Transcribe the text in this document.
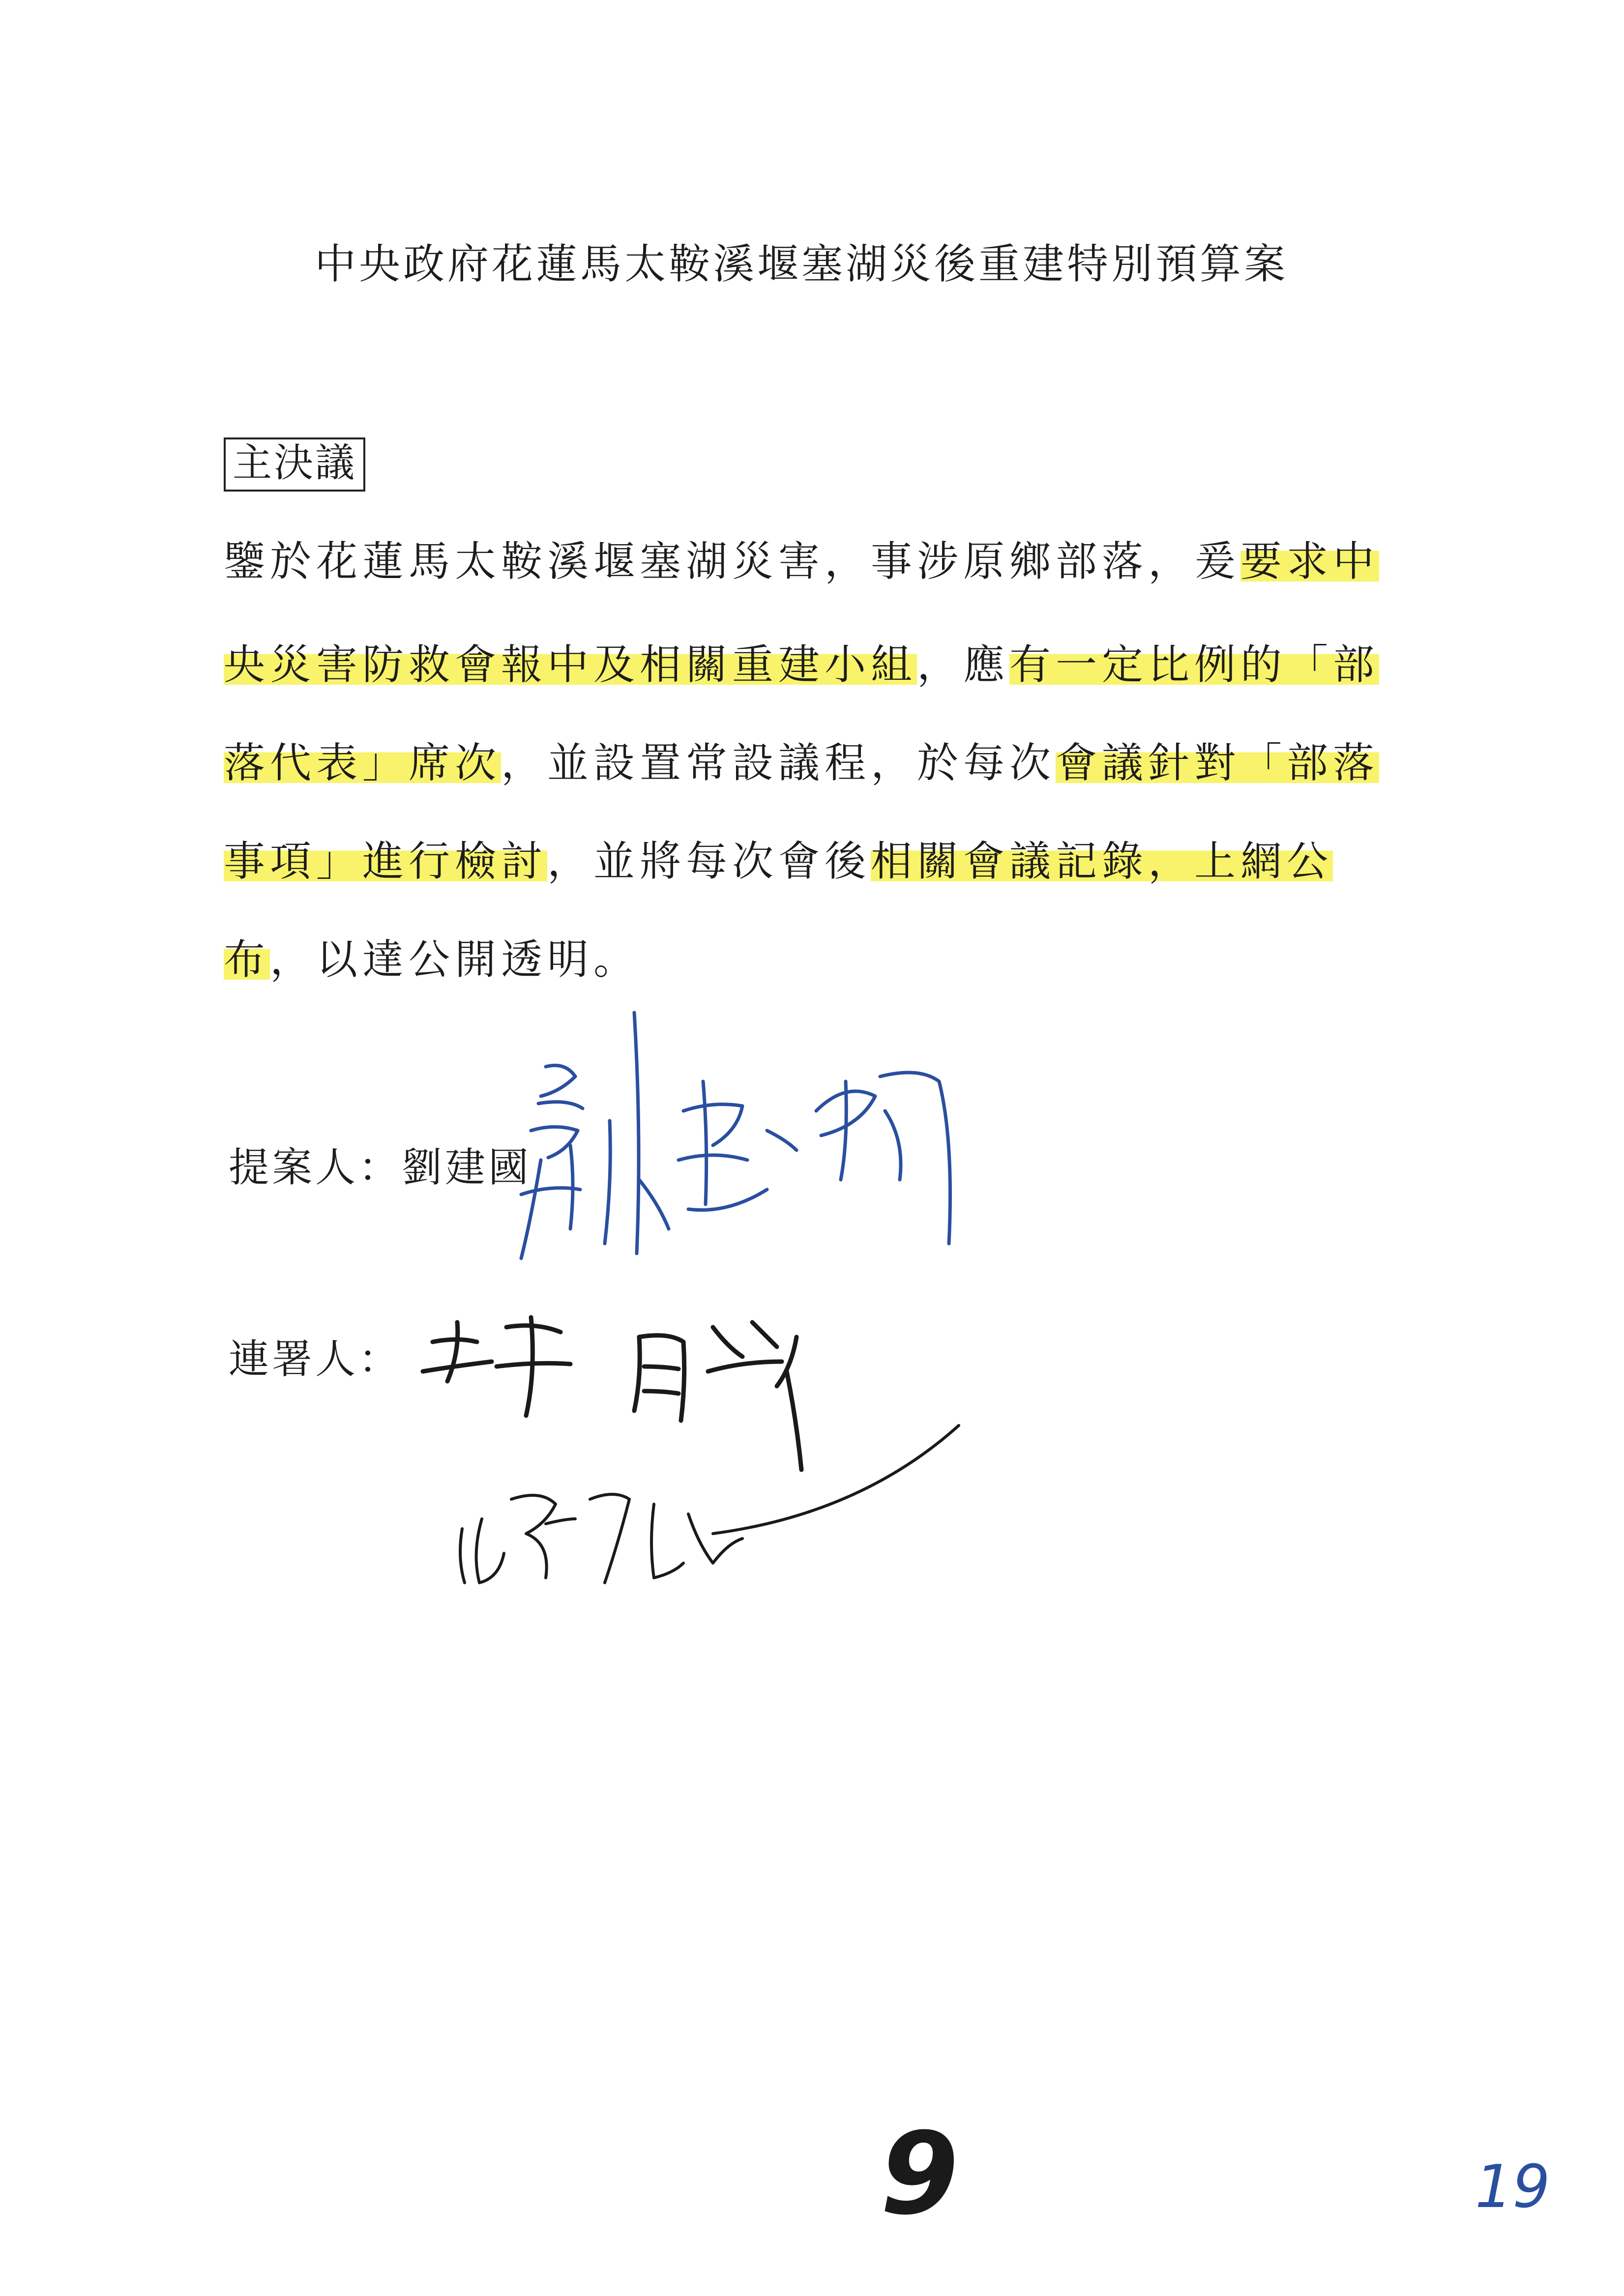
中央政府花蓮馬太鞍溪堰塞湖災後重建特別預算案
主決議
鑒於花蓮馬太鞍溪堰塞湖災害，事涉原鄉部落，爰要求中
央災害防救會報中及相關重建小組，應有一定比例的「部
落代表」席次，並設置常設議程，於每次會議針對「部落
事項」進行檢討，並將每次會後相關會議記錄，上網公
布，以達公開透明。
提案人：劉建國
連署人：
9	19
